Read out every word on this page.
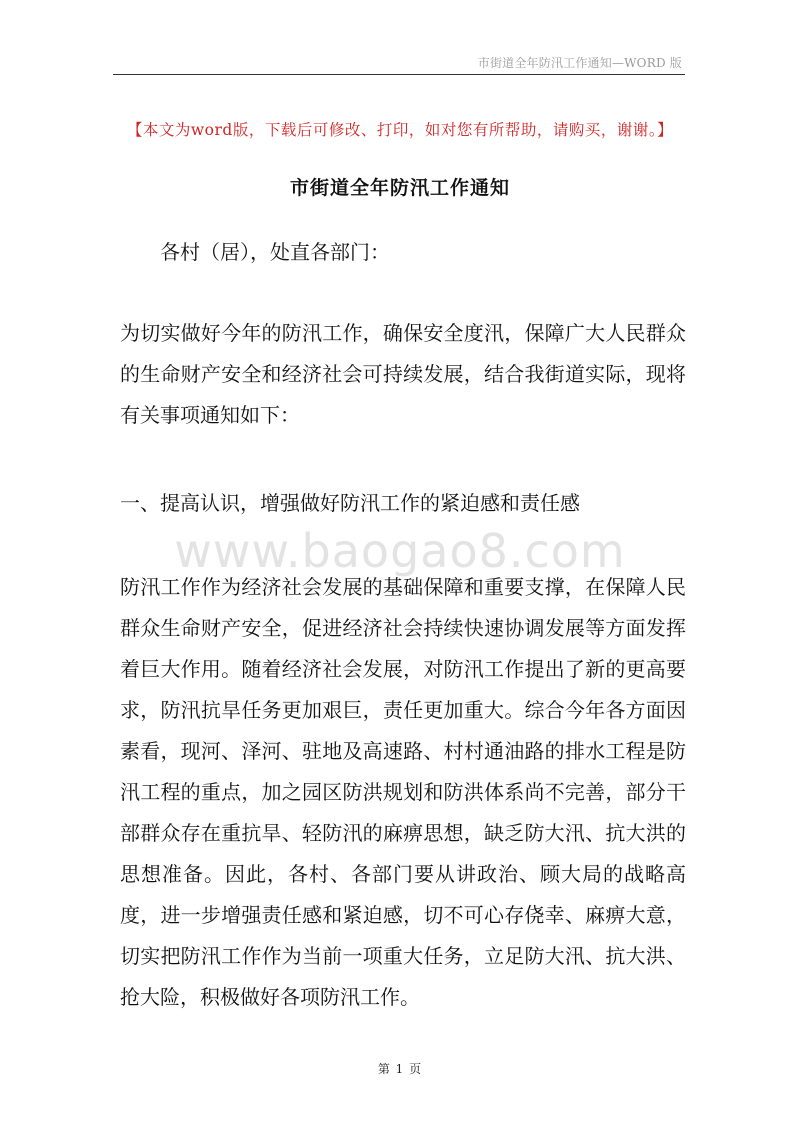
市街道全年防汛工作通知—WORD 版
【本文为word版，下载后可修改、打印，如对您有所帮助，请购买，谢谢。】
市街道全年防汛工作通知
各村（居），处直各部门：
为切实做好今年的防汛工作，确保安全度汛，保障广大人民群众的生命财产安全和经济社会可持续发展，结合我街道实际，现将有关事项通知如下：
一、提高认识，增强做好防汛工作的紧迫感和责任感
www.baogao8.com
防汛工作作为经济社会发展的基础保障和重要支撑，在保障人民群众生命财产安全，促进经济社会持续快速协调发展等方面发挥着巨大作用。随着经济社会发展，对防汛工作提出了新的更高要求，防汛抗旱任务更加艰巨，责任更加重大。综合今年各方面因素看，现河、泽河、驻地及高速路、村村通油路的排水工程是防汛工程的重点，加之园区防洪规划和防洪体系尚不完善，部分干部群众存在重抗旱、轻防汛的麻痹思想，缺乏防大汛、抗大洪的思想准备。因此，各村、各部门要从讲政治、顾大局的战略高度，进一步增强责任感和紧迫感，切不可心存侥幸、麻痹大意，切实把防汛工作作为当前一项重大任务，立足防大汛、抗大洪、抢大险，积极做好各项防汛工作。
第 1 页
